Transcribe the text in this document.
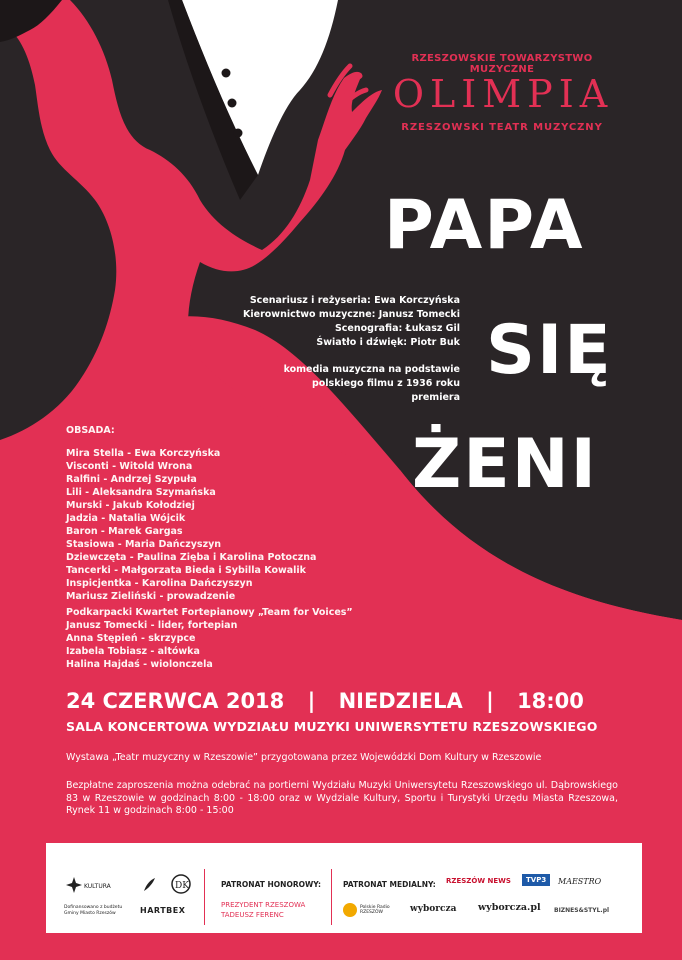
RZESZOWSKIE TOWARZYSTWO MUZYCZNE
OLIMPIA
RZESZOWSKI TEATR MUZYCZNY
PAPA
SIĘ
ŻENI
Scenariusz i reżyseria: Ewa Korczyńska
Kierownictwo muzyczne: Janusz Tomecki
Scenografia: Łukasz Gil
Światło i dźwięk: Piotr Buk
komedia muzyczna na podstawie
polskiego filmu z 1936 roku
premiera
OBSADA:
Mira Stella - Ewa Korczyńska
Visconti - Witold Wrona
Ralfini - Andrzej Szypuła
Lili - Aleksandra Szymańska
Murski - Jakub Kołodziej
Jadzia - Natalia Wójcik
Baron - Marek Gargas
Stasiowa - Maria Dańczyszyn
Dziewczęta - Paulina Zięba i Karolina Potoczna
Tancerki - Małgorzata Bieda i Sybilla Kowalik
Inspicjentka - Karolina Dańczyszyn
Mariusz Zieliński - prowadzenie
Podkarpacki Kwartet Fortepianowy „Team for Voices”
Janusz Tomecki - lider, fortepian
Anna Stępień - skrzypce
Izabela Tobiasz - altówka
Halina Hajdaś - wiolonczela
24 CZERWCA 2018 | NIEDZIELA | 18:00
SALA KONCERTOWA WYDZIAŁU MUZYKI UNIWERSYTETU RZESZOWSKIEGO
Wystawa „Teatr muzyczny w Rzeszowie” przygotowana przez Wojewódzki Dom Kultury w Rzeszowie
Bezpłatne zaproszenia można odebrać na portierni Wydziału Muzyki Uniwersytetu Rzeszowskiego ul. Dąbrowskiego 83 w Rzeszowie w godzinach 8:00 - 18:00 oraz w Wydziale Kultury, Sportu i Turystyki Urzędu Miasta Rzeszowa, Rynek 11 w godzinach 8:00 - 15:00
KULTURA
Dofinansowano z budżetu
Gminy Miasto Rzeszów
DK
HARTBEX
PATRONAT HONOROWY:
PREZYDENT RZESZOWA
TADEUSZ FERENC
PATRONAT MEDIALNY: RZESZÓW NEWS	TVP3	MAESTRO
Polskie Radio RZESZÓW	wyborcza wyborcza.pl BIZNES&STYL.pl
